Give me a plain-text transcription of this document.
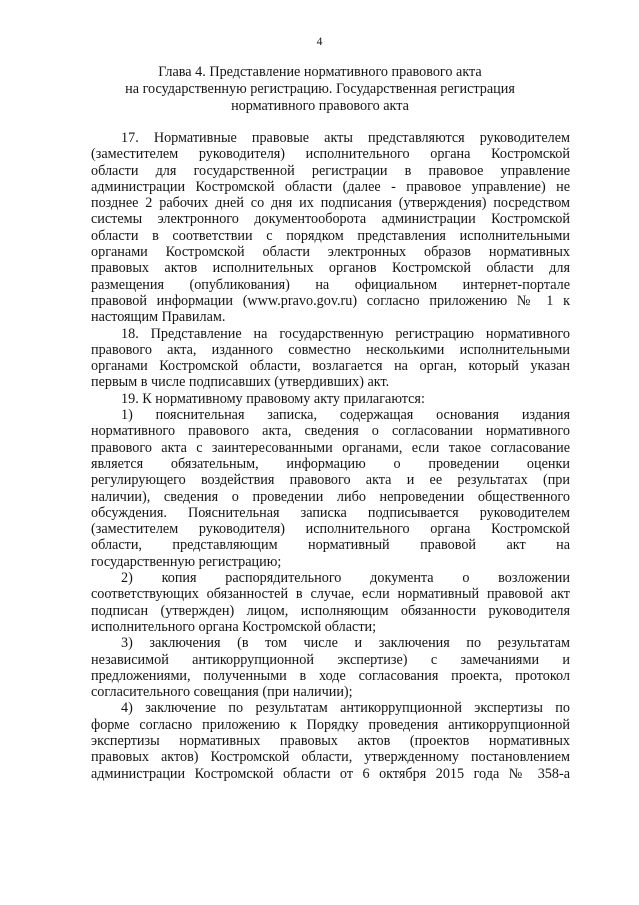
4
Глава 4. Представление нормативного правового акта
на государственную регистрацию. Государственная регистрация
нормативного правового акта
17. Нормативные правовые акты представляются руководителем
(заместителем руководителя) исполнительного органа Костромской
области для государственной регистрации в правовое управление
администрации Костромской области (далее - правовое управление) не
позднее 2 рабочих дней со дня их подписания (утверждения) посредством
системы электронного документооборота администрации Костромской
области в соответствии с порядком представления исполнительными
органами Костромской области электронных образов нормативных
правовых актов исполнительных органов Костромской области для
размещения (опубликования) на официальном интернет-портале
правовой информации (www.pravo.gov.ru) согласно приложению № 1 к
настоящим Правилам.
18. Представление на государственную регистрацию нормативного
правового акта, изданного совместно несколькими исполнительными
органами Костромской области, возлагается на орган, который указан
первым в числе подписавших (утвердивших) акт.
19. К нормативному правовому акту прилагаются:
1) пояснительная записка, содержащая основания издания
нормативного правового акта, сведения о согласовании нормативного
правового акта с заинтересованными органами, если такое согласование
является обязательным, информацию о проведении оценки
регулирующего воздействия правового акта и ее результатах (при
наличии), сведения о проведении либо непроведении общественного
обсуждения. Пояснительная записка подписывается руководителем
(заместителем руководителя) исполнительного органа Костромской
области, представляющим нормативный правовой акт на
государственную регистрацию;
2) копия распорядительного документа о возложении
соответствующих обязанностей в случае, если нормативный правовой акт
подписан (утвержден) лицом, исполняющим обязанности руководителя
исполнительного органа Костромской области;
3) заключения (в том числе и заключения по результатам
независимой антикоррупционной экспертизе) с замечаниями и
предложениями, полученными в ходе согласования проекта, протокол
согласительного совещания (при наличии);
4) заключение по результатам антикоррупционной экспертизы по
форме согласно приложению к Порядку проведения антикоррупционной
экспертизы нормативных правовых актов (проектов нормативных
правовых актов) Костромской области, утвержденному постановлением
администрации Костромской области от 6 октября 2015 года № 358-а
